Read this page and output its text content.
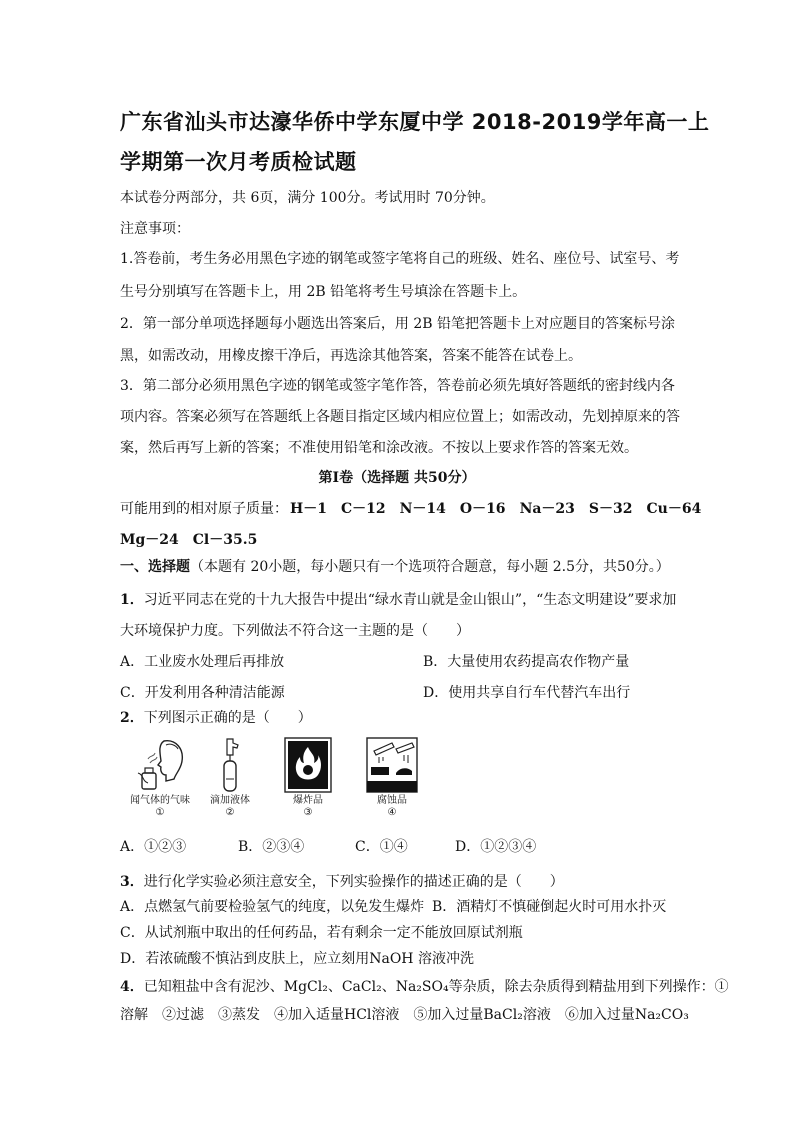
广东省汕头市达濠华侨中学东厦中学 2018-2019学年高一上
学期第一次月考质检试题
本试卷分两部分，共 6页，满分 100分。考试用时 70分钟。
注意事项：
1.答卷前，考生务必用黑色字迹的钢笔或签字笔将自己的班级、姓名、座位号、试室号、考
生号分别填写在答题卡上，用 2B 铅笔将考生号填涂在答题卡上。
2．第一部分单项选择题每小题选出答案后，用 2B 铅笔把答题卡上对应题目的答案标号涂
黑，如需改动，用橡皮擦干净后，再选涂其他答案，答案不能答在试卷上。
3．第二部分必须用黑色字迹的钢笔或签字笔作答，答卷前必须先填好答题纸的密封线内各
项内容。答案必须写在答题纸上各题目指定区域内相应位置上；如需改动，先划掉原来的答
案，然后再写上新的答案；不准使用铅笔和涂改液。不按以上要求作答的答案无效。
第Ⅰ卷（选择题 共50分）
可能用到的相对原子质量： H－1 C－12 N－14 O－16 Na－23 S－32 Cu－64
Mg－24 Cl－35.5
一、选择题（本题有 20小题，每小题只有一个选项符合题意，每小题 2.5分，共50分。）
1．习近平同志在党的十九大报告中提出“绿水青山就是金山银山”，“生态文明建设”要求加
大环境保护力度。下列做法不符合这一主题的是（　　）
A．工业废水处理后再排放	B．大量使用农药提高农作物产量
C．开发利用各种清洁能源	D．使用共享自行车代替汽车出行
2．下列图示正确的是（　　）
闻气体的气味
①
滴加液体
②
爆炸品
③
腐蚀品
④
A．①②③	B．②③④	C．①④	D．①②③④
3．进行化学实验必须注意安全，下列实验操作的描述正确的是（　　）
A．点燃氢气前要检验氢气的纯度，以免发生爆炸 B．酒精灯不慎碰倒起火时可用水扑灭
C．从试剂瓶中取出的任何药品，若有剩余一定不能放回原试剂瓶
D．若浓硫酸不慎沾到皮肤上，应立刻用NaOH 溶液冲洗
4．已知粗盐中含有泥沙、MgCl₂、CaCl₂、Na₂SO₄等杂质，除去杂质得到精盐用到下列操作：①
溶解　②过滤　③蒸发　④加入适量HCl溶液　⑤加入过量BaCl₂溶液　⑥加入过量Na₂CO₃
